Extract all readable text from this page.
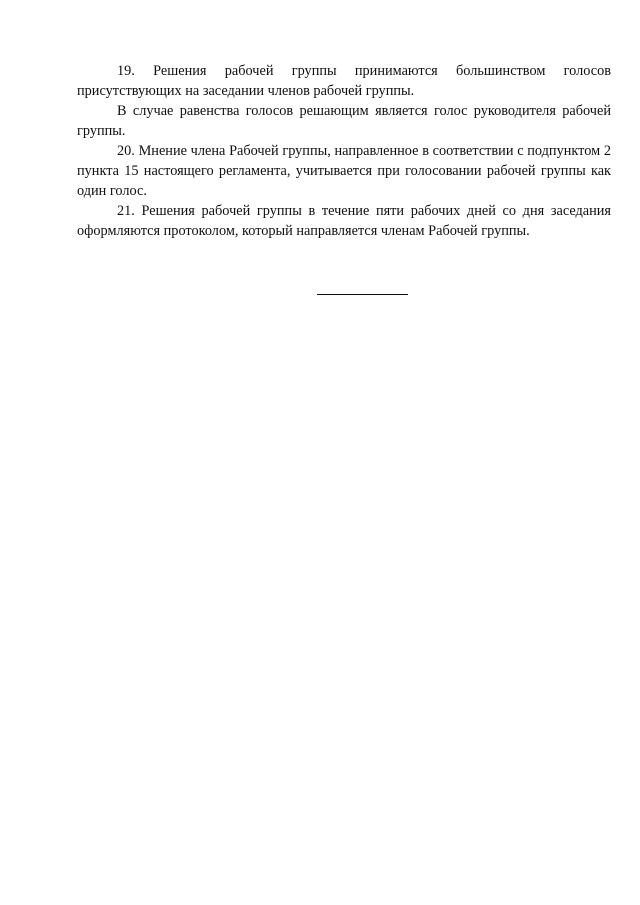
19. Решения рабочей группы принимаются большинством голосов присутствующих на заседании членов рабочей группы.

В случае равенства голосов решающим является голос руководителя рабочей группы.

20. Мнение члена Рабочей группы, направленное в соответствии с подпунктом 2 пункта 15 настоящего регламента, учитывается при голосовании рабочей группы как один голос.

21. Решения рабочей группы в течение пяти рабочих дней со дня заседания оформляются протоколом, который направляется членам Рабочей группы.
